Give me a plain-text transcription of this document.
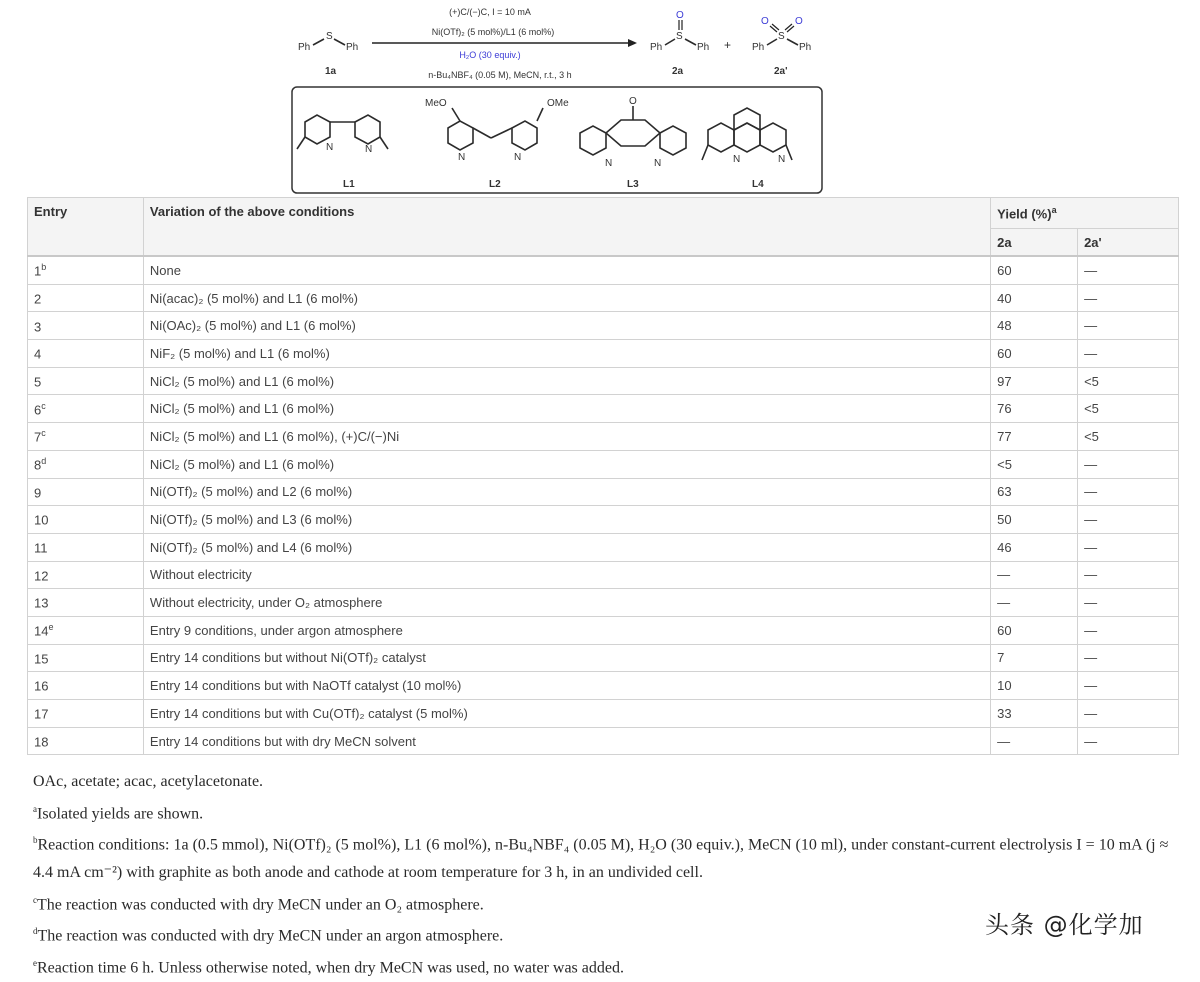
Ph
S
Ph
1a
(+)C/(−)C, I = 10 mA
Ni(OTf)₂ (5 mol%)/L1 (6 mol%)
H₂O (30 equiv.)
n-Bu₄NBF₄ (0.05 M), MeCN, r.t., 3 h
Ph
S
Ph
O
2a
+ Ph
S
Ph
O	O
2a'
N	N
L1
MeO	OMe
N	N
L2
O
N	N
L3
N	N
L4
Entry	Variation of the above conditions	Yield (%)$^a$
		2a	2a'
1$^b$	None	60	—
2	Ni(acac)₂ (5 mol%) and L1 (6 mol%)	40	—
3	Ni(OAc)₂ (5 mol%) and L1 (6 mol%)	48	—
4	NiF₂ (5 mol%) and L1 (6 mol%)	60	—
5	NiCl₂ (5 mol%) and L1 (6 mol%)	97	<5
6$^c$	NiCl₂ (5 mol%) and L1 (6 mol%)	76	<5
7$^c$	NiCl₂ (5 mol%) and L1 (6 mol%), (+)C/(−)Ni	77	<5
8$^d$	NiCl₂ (5 mol%) and L1 (6 mol%)	<5	—
9	Ni(OTf)₂ (5 mol%) and L2 (6 mol%)	63	—
10	Ni(OTf)₂ (5 mol%) and L3 (6 mol%)	50	—
11	Ni(OTf)₂ (5 mol%) and L4 (6 mol%)	46	—
12	Without electricity	—	—
13	Without electricity, under O₂ atmosphere	—	—
14e	Entry 9 conditions, under argon atmosphere	60	—
15	Entry 14 conditions but without Ni(OTf)₂ catalyst	7	—
16	Entry 14 conditions but with NaOTf catalyst (10 mol%)	10	—
17	Entry 14 conditions but with Cu(OTf)₂ catalyst (5 mol%)	33	—
18	Entry 14 conditions but with dry MeCN solvent	—	—

OAc, acetate; acac, acetylacetonate.

$^a$Isolated yields are shown.

$^b$Reaction conditions: 1a (0.5 mmol), Ni(OTf)₂ (5 mol%), L1 (6 mol%), n-Bu₄NBF₄ (0.05 M), H₂O (30 equiv.), MeCN (10 ml), under constant-current electrolysis I = 10 mA (j ≈ 4.4 mA cm⁻²) with graphite as both anode and cathode at room temperature for 3 h, in an undivided cell.

$^c$The reaction was conducted with dry MeCN under an O₂ atmosphere.

$^d$The reaction was conducted with dry MeCN under an argon atmosphere.

$^e$Reaction time 6 h. Unless otherwise noted, when dry MeCN was used, no water was added.

头条 @化学加
